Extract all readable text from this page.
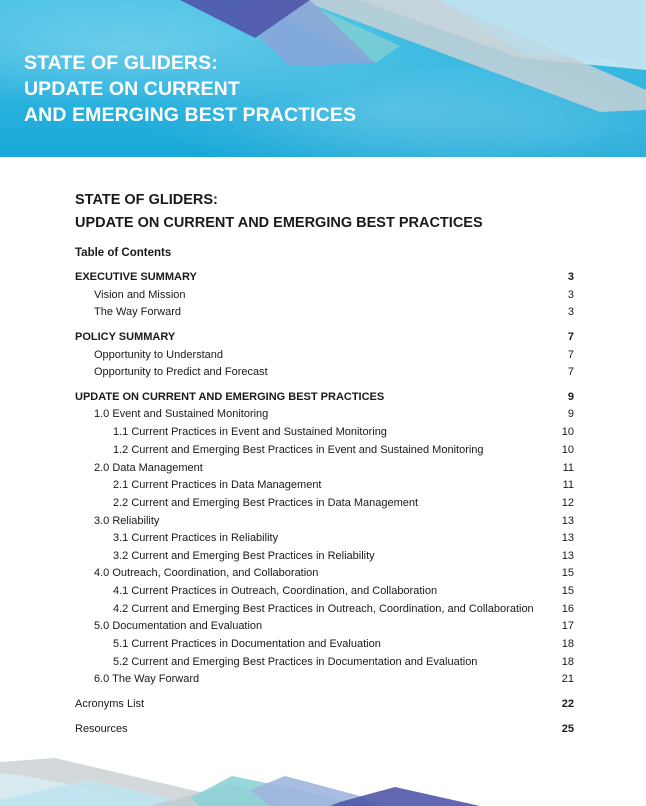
STATE OF GLIDERS:
UPDATE ON CURRENT
AND EMERGING BEST PRACTICES
STATE OF GLIDERS:
UPDATE ON CURRENT AND EMERGING BEST PRACTICES
Table of Contents
EXECUTIVE SUMMARY	3
Vision and Mission	3
The Way Forward	3
POLICY SUMMARY	7
Opportunity to Understand	7
Opportunity to Predict and Forecast	7
UPDATE ON CURRENT AND EMERGING BEST PRACTICES	9
1.0 Event and Sustained Monitoring	9
1.1 Current Practices in Event and Sustained Monitoring	10
1.2 Current and Emerging Best Practices in Event and Sustained Monitoring	10
2.0 Data Management	11
2.1 Current Practices in Data Management	11
2.2 Current and Emerging Best Practices in Data Management	12
3.0 Reliability	13
3.1 Current Practices in Reliability	13
3.2 Current and Emerging Best Practices in Reliability	13
4.0 Outreach, Coordination, and Collaboration	15
4.1 Current Practices in Outreach, Coordination, and Collaboration	15
4.2 Current and Emerging Best Practices in Outreach, Coordination, and Collaboration	16
5.0 Documentation and Evaluation	17
5.1 Current Practices in Documentation and Evaluation	18
5.2 Current and Emerging Best Practices in Documentation and Evaluation	18
6.0 The Way Forward	21
Acronyms List	22
Resources	25
